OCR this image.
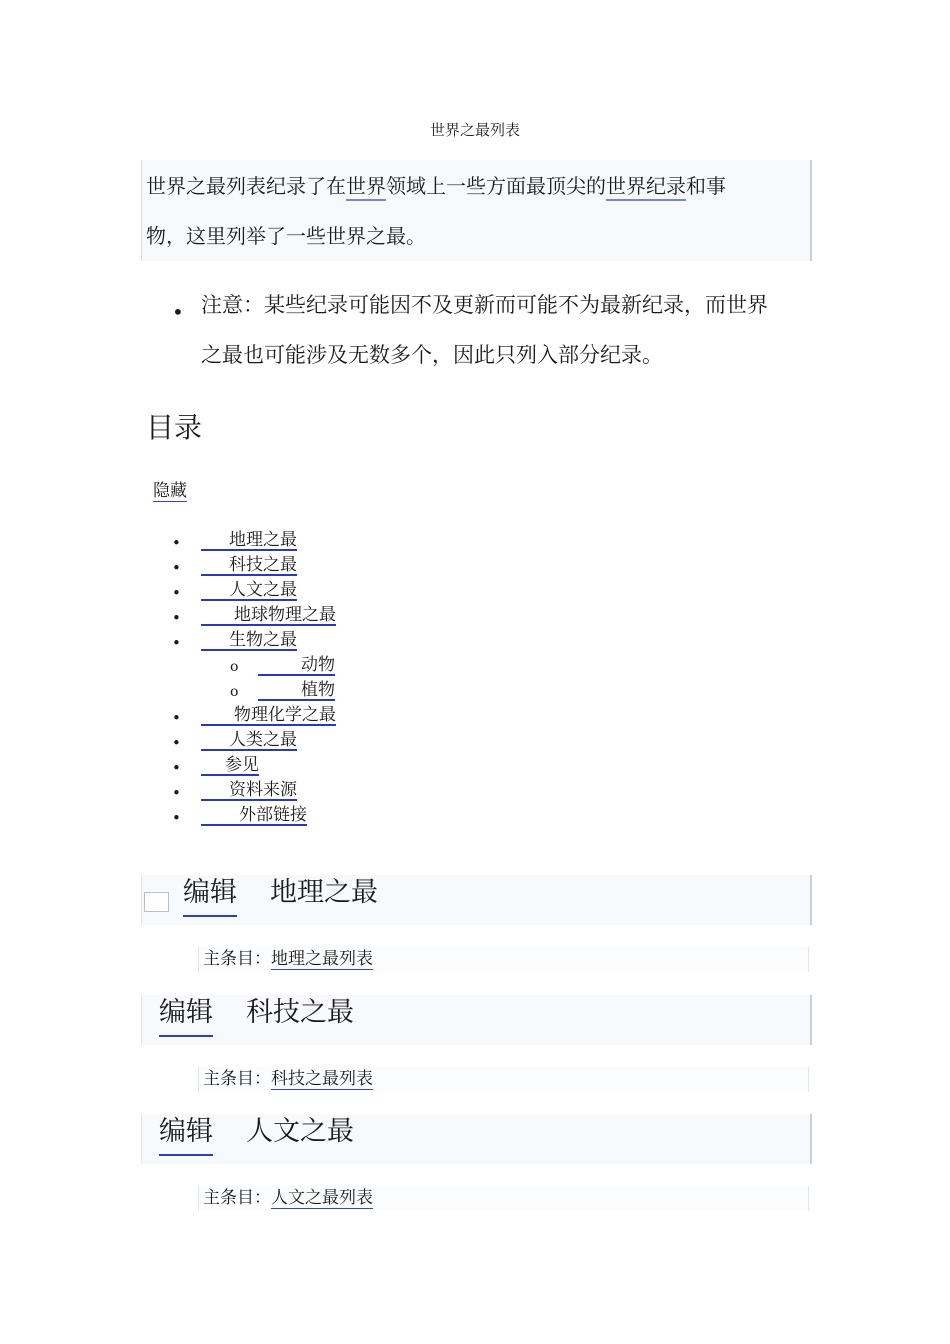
世界之最列表
世界之最列表纪录了在世界领域上一些方面最顶尖的世界纪录和事
物，这里列举了一些世界之最。
• 注意：某些纪录可能因不及更新而可能不为最新纪录，而世界
之最也可能涉及无数多个，因此只列入部分纪录。
目录
隐藏
•	地理之最
•	科技之最
•	人文之最
•	地球物理之最
•	生物之最
o	动物
o	植物
•	物理化学之最
•	人类之最
•	参见
•	资料来源
•	外部链接
编辑 地理之最
主条目：地理之最列表
编辑 科技之最
主条目：科技之最列表
编辑 人文之最
主条目：人文之最列表
